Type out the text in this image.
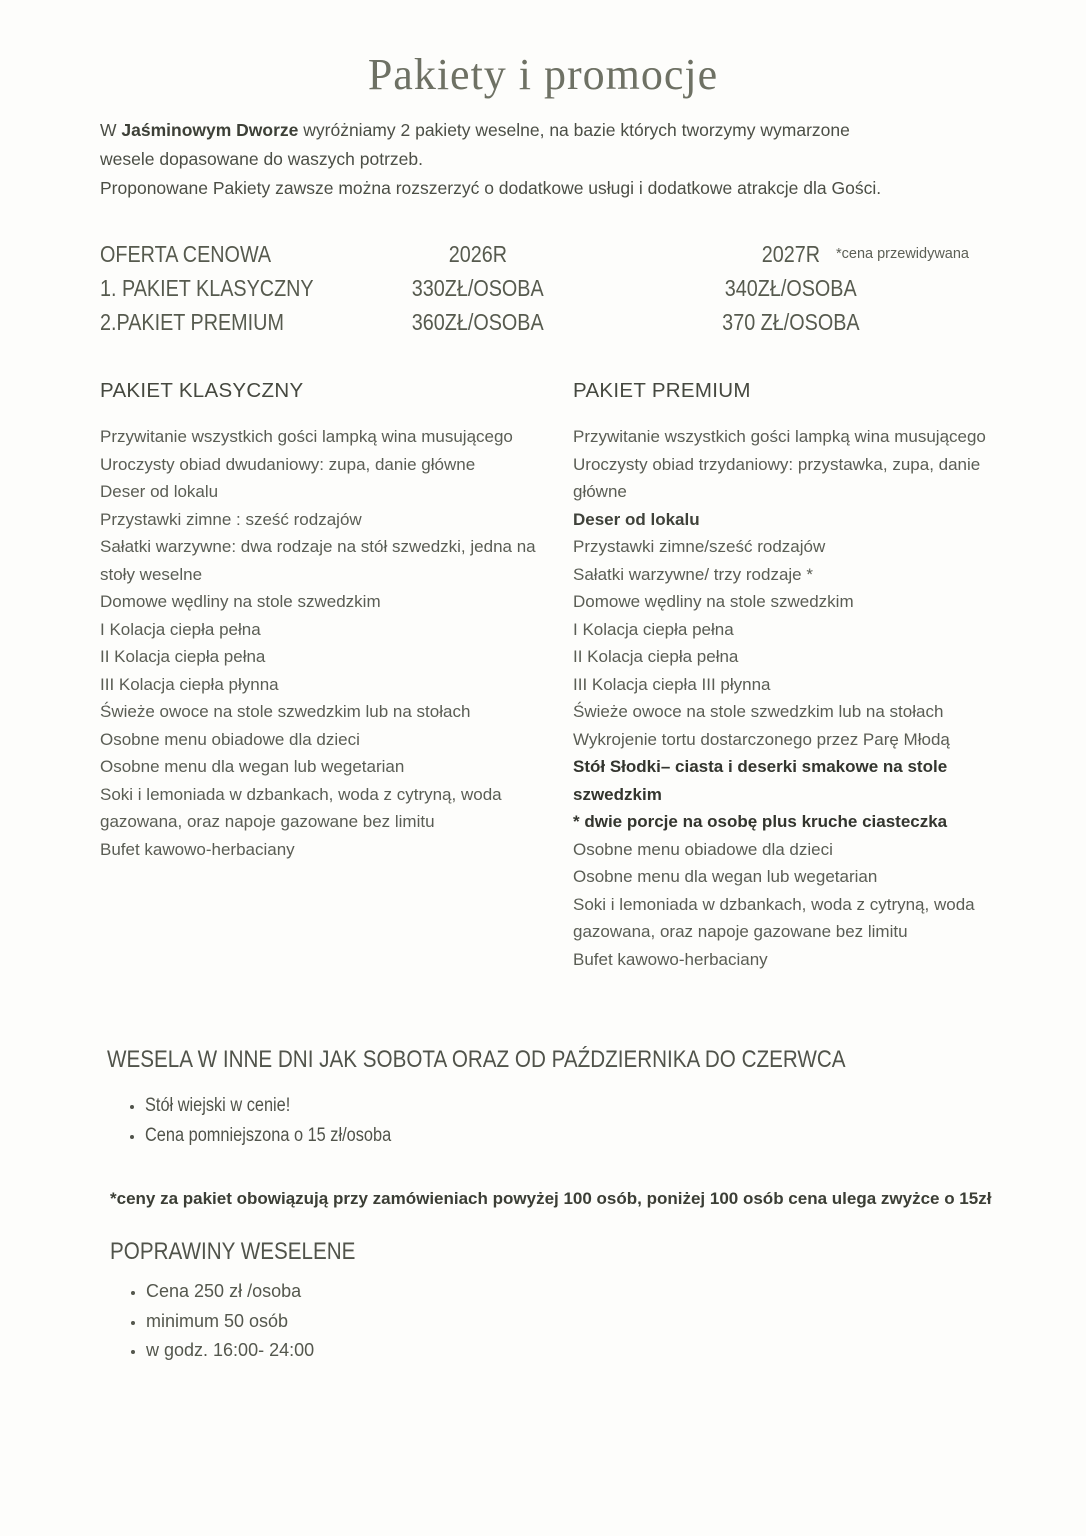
Pakiety i promocje
W Jaśminowym Dworze wyróżniamy 2 pakiety weselne, na bazie których tworzymy wymarzone
wesele dopasowane do waszych potrzeb.
Proponowane Pakiety zawsze można rozszerzyć o dodatkowe usługi i dodatkowe atrakcje dla Gości.
OFERTA CENOWA	2026R	2027R *cena przewidywana
1. PAKIET KLASYCZNY	330ZŁ/OSOBA	340ZŁ/OSOBA
2.PAKIET PREMIUM	360ZŁ/OSOBA	370 ZŁ/OSOBA
PAKIET KLASYCZNY
Przywitanie wszystkich gości lampką wina musującego
Uroczysty obiad dwudaniowy: zupa, danie główne
Deser od lokalu
Przystawki zimne : sześć rodzajów
Sałatki warzywne: dwa rodzaje na stół szwedzki, jedna na stoły weselne
Domowe wędliny na stole szwedzkim
I Kolacja ciepła pełna
II Kolacja ciepła pełna
III Kolacja ciepła płynna
Świeże owoce na stole szwedzkim lub na stołach
Osobne menu obiadowe dla dzieci
Osobne menu dla wegan lub wegetarian
Soki i lemoniada w dzbankach, woda z cytryną, woda gazowana, oraz napoje gazowane bez limitu
Bufet kawowo-herbaciany
PAKIET PREMIUM
Przywitanie wszystkich gości lampką wina musującego
Uroczysty obiad trzydaniowy: przystawka, zupa, danie główne
Deser od lokalu
Przystawki zimne/sześć rodzajów
Sałatki warzywne/ trzy rodzaje *
Domowe wędliny na stole szwedzkim
I Kolacja ciepła pełna
II Kolacja ciepła pełna
III Kolacja ciepła III płynna
Świeże owoce na stole szwedzkim lub na stołach
Wykrojenie tortu dostarczonego przez Parę Młodą
Stół Słodki– ciasta i deserki smakowe na stole szwedzkim
* dwie porcje na osobę plus kruche ciasteczka
Osobne menu obiadowe dla dzieci
Osobne menu dla wegan lub wegetarian
Soki i lemoniada w dzbankach, woda z cytryną, woda gazowana, oraz napoje gazowane bez limitu
Bufet kawowo-herbaciany
WESELA W INNE DNI JAK SOBOTA ORAZ OD PAŹDZIERNIKA DO CZERWCA
• Stół wiejski w cenie!
• Cena pomniejszona o 15 zł/osoba
*ceny za pakiet obowiązują przy zamówieniach powyżej 100 osób, poniżej 100 osób cena ulega zwyżce o 15zł
POPRAWINY WESELENE
• Cena 250 zł /osoba
• minimum 50 osób
• w godz. 16:00- 24:00
